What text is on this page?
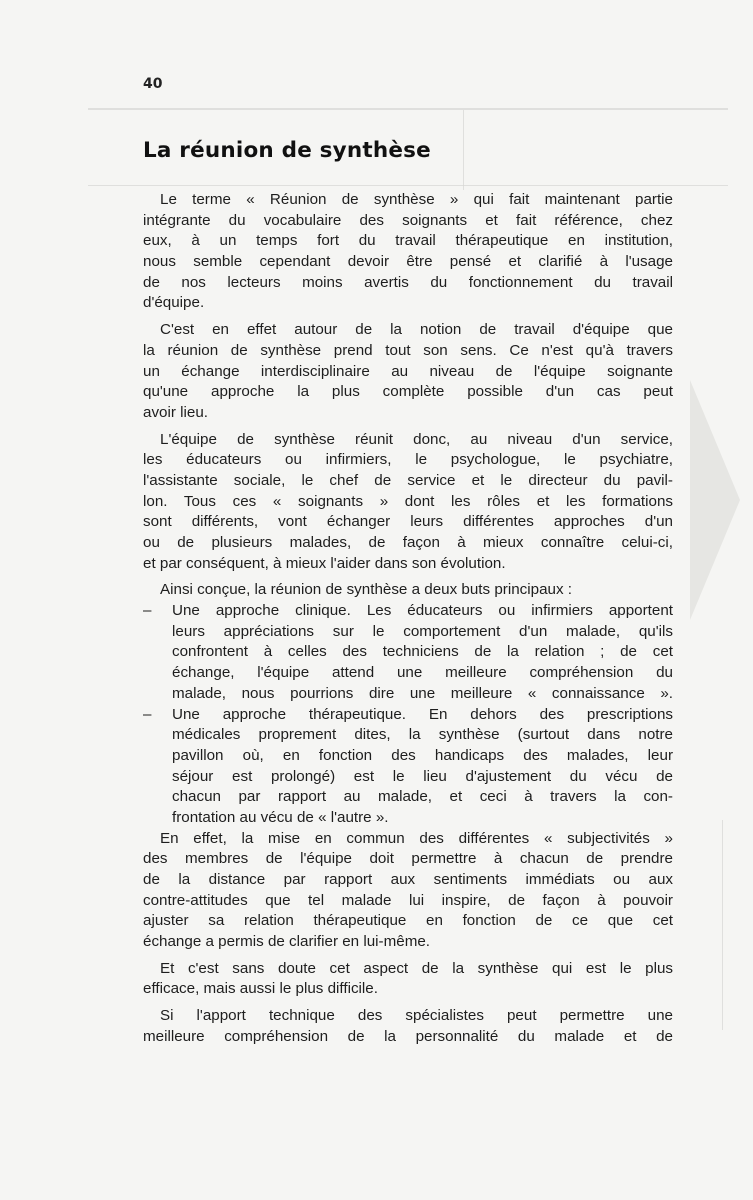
40
La réunion de synthèse
Le terme « Réunion de synthèse » qui fait maintenant partie
intégrante du vocabulaire des soignants et fait référence, chez
eux, à un temps fort du travail thérapeutique en institution,
nous semble cependant devoir être pensé et clarifié à l'usage
de nos lecteurs moins avertis du fonctionnement du travail
d'équipe.
C'est en effet autour de la notion de travail d'équipe que
la réunion de synthèse prend tout son sens. Ce n'est qu'à travers
un échange interdisciplinaire au niveau de l'équipe soignante
qu'une approche la plus complète possible d'un cas peut
avoir lieu.
L'équipe de synthèse réunit donc, au niveau d'un service,
les éducateurs ou infirmiers, le psychologue, le psychiatre,
l'assistante sociale, le chef de service et le directeur du pavil-
lon. Tous ces « soignants » dont les rôles et les formations
sont différents, vont échanger leurs différentes approches d'un
ou de plusieurs malades, de façon à mieux connaître celui-ci,
et par conséquent, à mieux l'aider dans son évolution.
Ainsi conçue, la réunion de synthèse a deux buts principaux :
–	Une approche clinique. Les éducateurs ou infirmiers apportent
leurs appréciations sur le comportement d'un malade, qu'ils
confrontent à celles des techniciens de la relation ; de cet
échange, l'équipe attend une meilleure compréhension du
malade, nous pourrions dire une meilleure « connaissance ».
–	Une approche thérapeutique. En dehors des prescriptions
médicales proprement dites, la synthèse (surtout dans notre
pavillon où, en fonction des handicaps des malades, leur
séjour est prolongé) est le lieu d'ajustement du vécu de
chacun par rapport au malade, et ceci à travers la con-
frontation au vécu de « l'autre ».
En effet, la mise en commun des différentes « subjectivités »
des membres de l'équipe doit permettre à chacun de prendre
de la distance par rapport aux sentiments immédiats ou aux
contre-attitudes que tel malade lui inspire, de façon à pouvoir
ajuster sa relation thérapeutique en fonction de ce que cet
échange a permis de clarifier en lui-même.
Et c'est sans doute cet aspect de la synthèse qui est le plus
efficace, mais aussi le plus difficile.
Si l'apport technique des spécialistes peut permettre une
meilleure compréhension de la personnalité du malade et de
